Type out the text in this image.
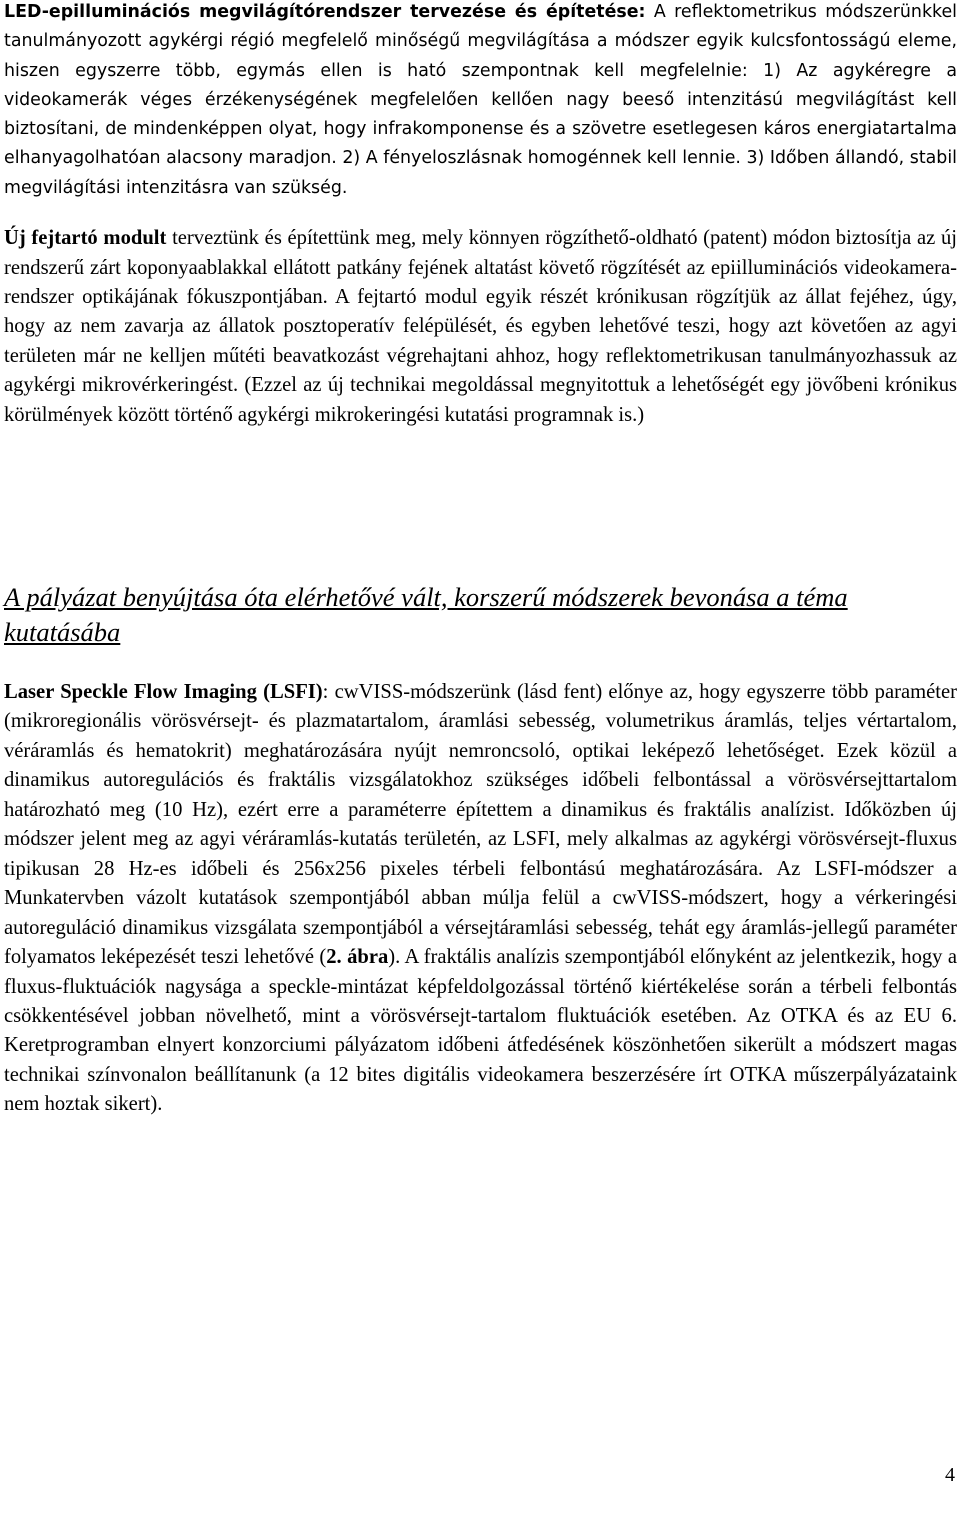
LED-epilluminációs megvilágítórendszer tervezése és építetése: A reflektometrikus módszerünkkel tanulmányozott agykérgi régió megfelelő minőségű megvilágítása a módszer egyik kulcsfontosságú eleme, hiszen egyszerre több, egymás ellen is ható szempontnak kell megfelelnie: 1) Az agykéregre a videokamerák véges érzékenységének megfelelően kellően nagy beeső intenzitású megvilágítást kell biztosítani, de mindenképpen olyat, hogy infrakomponense és a szövetre esetlegesen káros energiatartalma elhanyagolhatóan alacsony maradjon. 2) A fényeloszlásnak homogénnek kell lennie. 3) Időben állandó, stabil megvilágítási intenzitásra van szükség.

Új fejtartó modult terveztünk és építettünk meg, mely könnyen rögzíthető-oldható (patent) módon biztosítja az új rendszerű zárt koponyaablakkal ellátott patkány fejének altatást követő rögzítését az epiilluminációs videokamera-rendszer optikájának fókuszpontjában. A fejtartó modul egyik részét krónikusan rögzítjük az állat fejéhez, úgy, hogy az nem zavarja az állatok posztoperatív felépülését, és egyben lehetővé teszi, hogy azt követően az agyi területen már ne kelljen műtéti beavatkozást végrehajtani ahhoz, hogy reflektometrikusan tanulmányozhassuk az agykérgi mikrovérkeringést. (Ezzel az új technikai megoldással megnyitottuk a lehetőségét egy jövőbeni krónikus körülmények között történő agykérgi mikrokeringési kutatási programnak is.)

A pályázat benyújtása óta elérhetővé vált, korszerű módszerek bevonása a téma kutatásába

Laser Speckle Flow Imaging (LSFI): cwVISS-módszerünk (lásd fent) előnye az, hogy egyszerre több paraméter (mikroregionális vörösvérsejt- és plazmatartalom, áramlási sebesség, volumetrikus áramlás, teljes vértartalom, véráramlás és hematokrit) meghatározására nyújt nemroncsoló, optikai leképező lehetőséget. Ezek közül a dinamikus autoregulációs és fraktális vizsgálatokhoz szükséges időbeli felbontással a vörösvérsejttartalom határozható meg (10 Hz), ezért erre a paraméterre építettem a dinamikus és fraktális analízist. Időközben új módszer jelent meg az agyi véráramlás-kutatás területén, az LSFI, mely alkalmas az agykérgi vörösvérsejt-fluxus tipikusan 28 Hz-es időbeli és 256x256 pixeles térbeli felbontású meghatározására. Az LSFI-módszer a Munkatervben vázolt kutatások szempontjából abban múlja felül a cwVISS-módszert, hogy a vérkeringési autoreguláció dinamikus vizsgálata szempontjából a vérsejtáramlási sebesség, tehát egy áramlás-jellegű paraméter folyamatos leképezését teszi lehetővé (2. ábra). A fraktális analízis szempontjából előnyként az jelentkezik, hogy a fluxus-fluktuációk nagysága a speckle-mintázat képfeldolgozással történő kiértékelése során a térbeli felbontás csökkentésével jobban növelhető, mint a vörösvérsejt-tartalom fluktuációk esetében. Az OTKA és az EU 6. Keretprogramban elnyert konzorciumi pályázatom időbeni átfedésének köszönhetően sikerült a módszert magas technikai színvonalon beállítanunk (a 12 bites digitális videokamera beszerzésére írt OTKA műszerpályázataink nem hoztak sikert).

4
